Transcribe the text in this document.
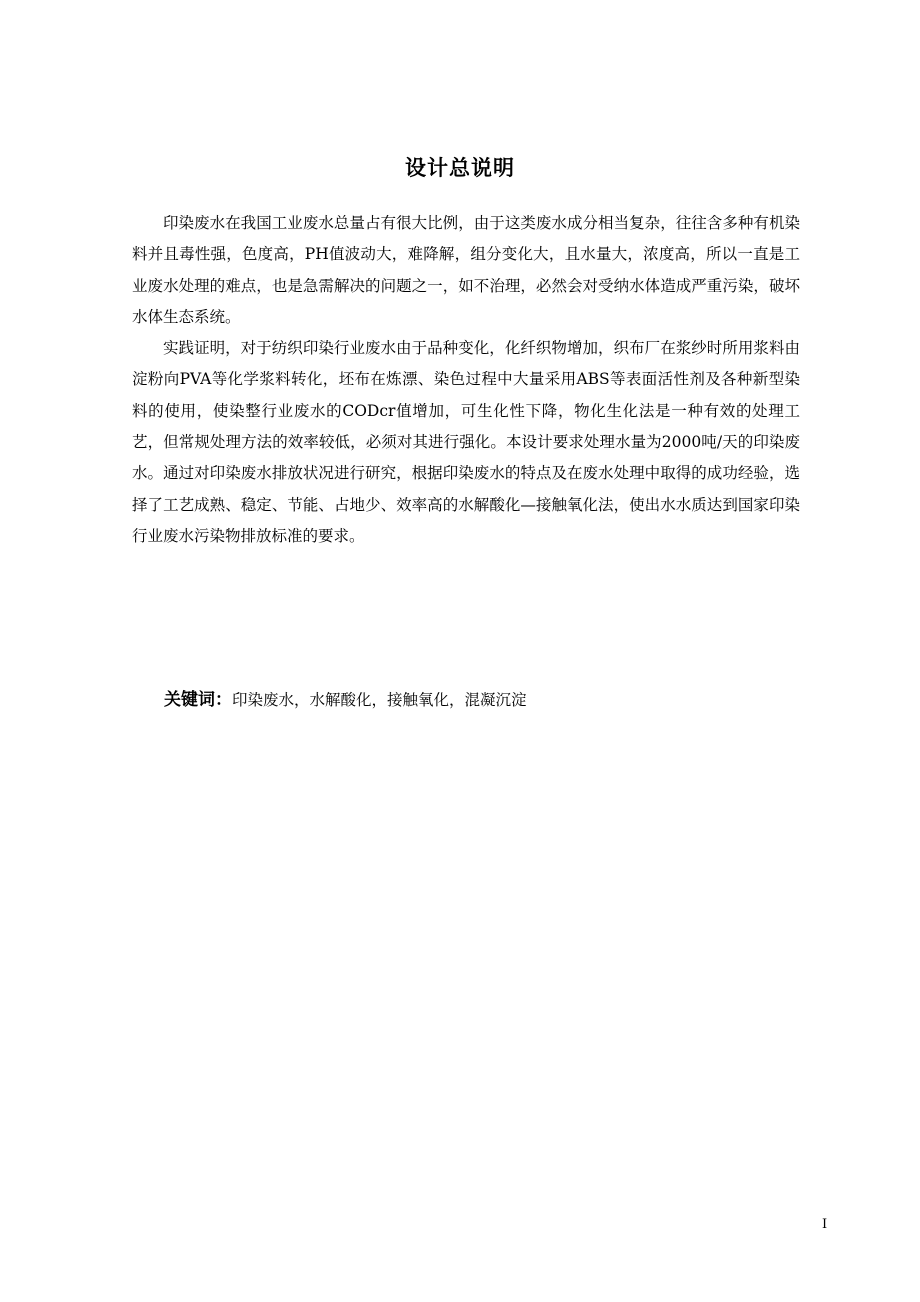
设计总说明

印染废水在我国工业废水总量占有很大比例，由于这类废水成分相当复杂，往往含多种有机染料并且毒性强，色度高，PH值波动大，难降解，组分变化大，且水量大，浓度高，所以一直是工业废水处理的难点，也是急需解决的问题之一，如不治理，必然会对受纳水体造成严重污染，破坏水体生态系统。

实践证明，对于纺织印染行业废水由于品种变化，化纤织物增加，织布厂在浆纱时所用浆料由淀粉向PVA等化学浆料转化，坯布在炼漂、染色过程中大量采用ABS等表面活性剂及各种新型染料的使用，使染整行业废水的CODcr值增加，可生化性下降，物化生化法是一种有效的处理工艺，但常规处理方法的效率较低，必须对其进行强化。本设计要求处理水量为2000吨/天的印染废水。通过对印染废水排放状况进行研究，根据印染废水的特点及在废水处理中取得的成功经验，选择了工艺成熟、稳定、节能、占地少、效率高的水解酸化—接触氧化法，使出水水质达到国家印染行业废水污染物排放标准的要求。

关键词：印染废水，水解酸化，接触氧化，混凝沉淀
I
